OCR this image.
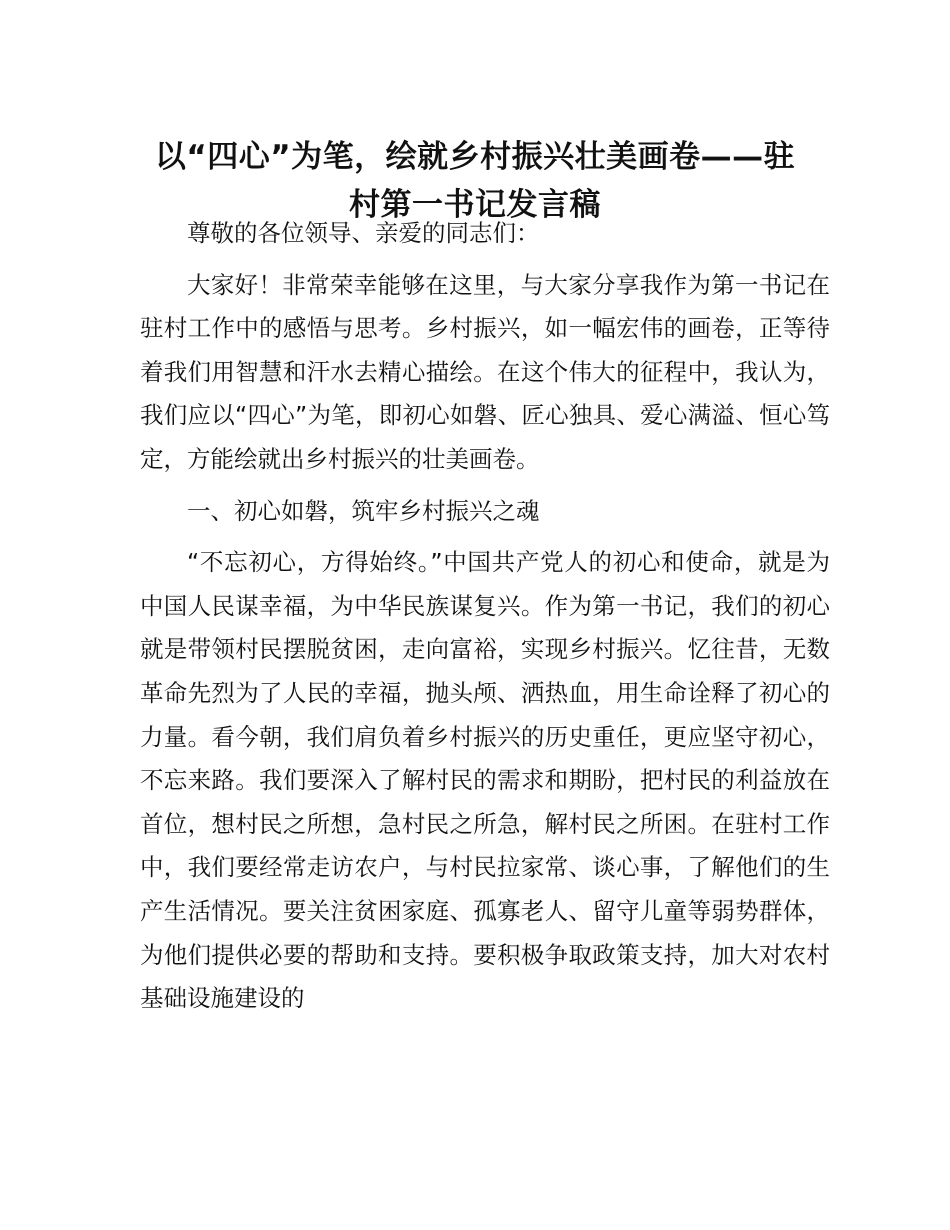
以“四心”为笔，绘就乡村振兴壮美画卷——驻
村第一书记发言稿

尊敬的各位领导、亲爱的同志们：

大家好！非常荣幸能够在这里，与大家分享我作为第一书记在驻村工作中的感悟与思考。乡村振兴，如一幅宏伟的画卷，正等待着我们用智慧和汗水去精心描绘。在这个伟大的征程中，我认为，我们应以“四心”为笔，即初心如磐、匠心独具、爱心满溢、恒心笃定，方能绘就出乡村振兴的壮美画卷。

一、初心如磐，筑牢乡村振兴之魂

“不忘初心，方得始终。”中国共产党人的初心和使命，就是为中国人民谋幸福，为中华民族谋复兴。作为第一书记，我们的初心就是带领村民摆脱贫困，走向富裕，实现乡村振兴。忆往昔，无数革命先烈为了人民的幸福，抛头颅、洒热血，用生命诠释了初心的力量。看今朝，我们肩负着乡村振兴的历史重任，更应坚守初心，不忘来路。我们要深入了解村民的需求和期盼，把村民的利益放在首位，想村民之所想，急村民之所急，解村民之所困。在驻村工作中，我们要经常走访农户，与村民拉家常、谈心事，了解他们的生产生活情况。要关注贫困家庭、孤寡老人、留守儿童等弱势群体，为他们提供必要的帮助和支持。要积极争取政策支持，加大对农村基础设施建设的
